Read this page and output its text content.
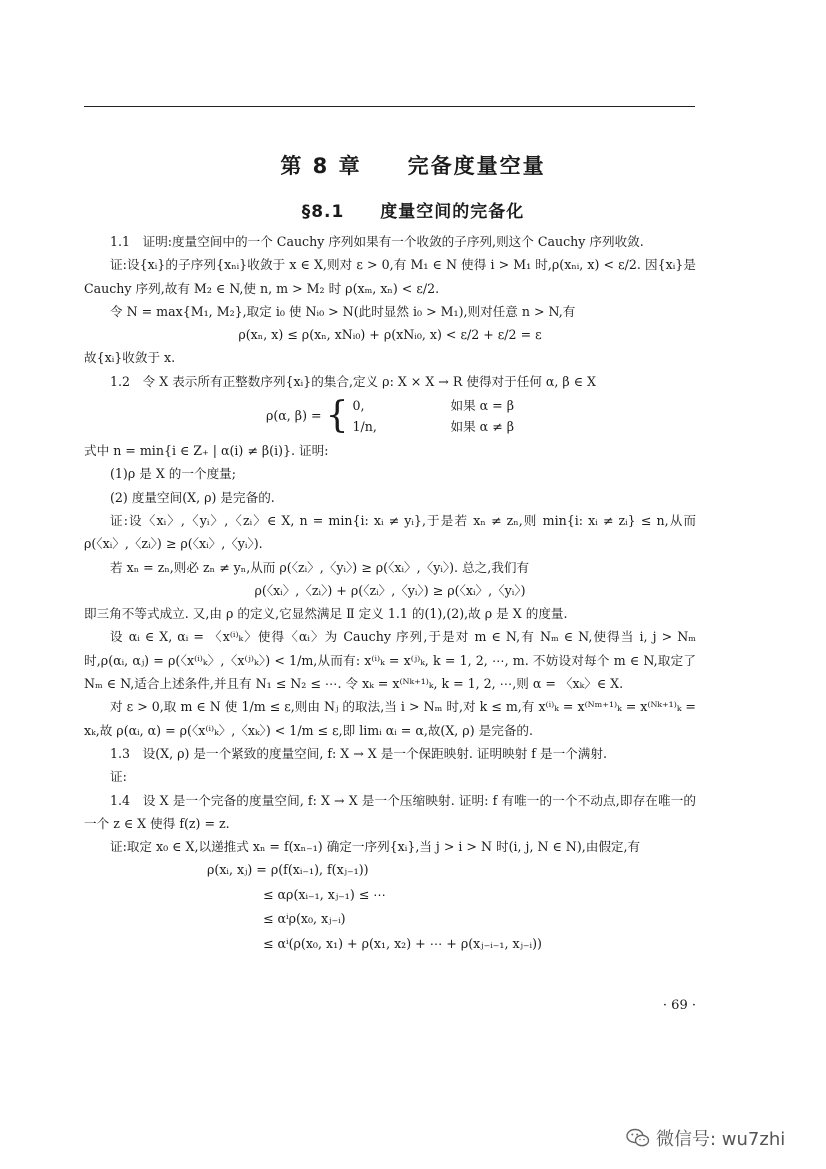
第 8 章　　完备度量空量
§8.1　　度量空间的完备化

1.1　证明:度量空间中的一个 Cauchy 序列如果有一个收敛的子序列,则这个 Cauchy 序列收敛.

证:设{xᵢ}的子序列{xₙᵢ}收敛于 x ∈ X,则对 ε > 0,有 M₁ ∈ N 使得 i > M₁ 时,ρ(xₙᵢ, x) < ε/2. 因{xᵢ}是 Cauchy 序列,故有 M₂ ∈ N,使 n, m > M₂ 时 ρ(xₘ, xₙ) < ε/2.

令 N = max{M₁, M₂},取定 i₀ 使 Nᵢ₀ > N(此时显然 i₀ > M₁),则对任意 n > N,有

ρ(xₙ, x) ≤ ρ(xₙ, xNᵢ₀) + ρ(xNᵢ₀, x) < ε/2 + ε/2 = ε

故{xᵢ}收敛于 x.

1.2　令 X 表示所有正整数序列{xᵢ}的集合,定义 ρ: X × X → R 使得对于任何 α, β ∈ X

ρ(α, β) = { 0,	如果 α = β
1/n,	如果 α ≠ β

式中 n = min{i ∈ Z₊ | α(i) ≠ β(i)}. 证明:

(1)ρ 是 X 的一个度量;

(2) 度量空间(X, ρ) 是完备的.

证:设〈xᵢ〉,〈yᵢ〉,〈zᵢ〉∈ X, n = min{i: xᵢ ≠ yᵢ},于是若 xₙ ≠ zₙ,则 min{i: xᵢ ≠ zᵢ} ≤ n,从而 ρ(〈xᵢ〉,〈zᵢ〉) ≥ ρ(〈xᵢ〉,〈yᵢ〉).

若 xₙ = zₙ,则必 zₙ ≠ yₙ,从而 ρ(〈zᵢ〉,〈yᵢ〉) ≥ ρ(〈xᵢ〉,〈yᵢ〉). 总之,我们有

ρ(〈xᵢ〉,〈zᵢ〉) + ρ(〈zᵢ〉,〈yᵢ〉) ≥ ρ(〈xᵢ〉,〈yᵢ〉)

即三角不等式成立. 又,由 ρ 的定义,它显然满足 Ⅱ 定义 1.1 的(1),(2),故 ρ 是 X 的度量.

设 αᵢ ∈ X, αᵢ = 〈x⁽ⁱ⁾ₖ〉使得〈αᵢ〉为 Cauchy 序列,于是对 m ∈ N,有 Nₘ ∈ N,使得当 i, j > Nₘ 时,ρ(αᵢ, αⱼ) = ρ(〈x⁽ⁱ⁾ₖ〉,〈x⁽ʲ⁾ₖ〉) < 1/m,从而有: x⁽ⁱ⁾ₖ = x⁽ʲ⁾ₖ, k = 1, 2, ⋯, m. 不妨设对每个 m ∈ N,取定了 Nₘ ∈ N,适合上述条件,并且有 N₁ ≤ N₂ ≤ ⋯. 令 xₖ = x⁽ᴺᵏ⁺¹⁾ₖ, k = 1, 2, ⋯,则 α = 〈xₖ〉∈ X.

对 ε > 0,取 m ∈ N 使 1/m ≤ ε,则由 Nⱼ 的取法,当 i > Nₘ 时,对 k ≤ m,有 x⁽ⁱ⁾ₖ = x⁽ᴺᵐ⁺¹⁾ₖ = x⁽ᴺᵏ⁺¹⁾ₖ = xₖ,故 ρ(αᵢ, α) = ρ(〈x⁽ⁱ⁾ₖ〉,〈xₖ〉) < 1/m ≤ ε,即 limᵢ αᵢ = α,故(X, ρ) 是完备的.

1.3　设(X, ρ) 是一个紧致的度量空间, f: X → X 是一个保距映射. 证明映射 f 是一个满射.

证:

1.4　设 X 是一个完备的度量空间, f: X → X 是一个压缩映射. 证明: f 有唯一的一个不动点,即存在唯一的一个 z ∈ X 使得 f(z) = z.

证:取定 x₀ ∈ X,以递推式 xₙ = f(xₙ₋₁) 确定一序列{xᵢ},当 j > i > N 时(i, j, N ∈ N),由假定,有

ρ(xᵢ, xⱼ) = ρ(f(xᵢ₋₁), f(xⱼ₋₁))
≤ αρ(xᵢ₋₁, xⱼ₋₁) ≤ ⋯
≤ αⁱρ(x₀, xⱼ₋ᵢ)
≤ αⁱ(ρ(x₀, x₁) + ρ(x₁, x₂) + ⋯ + ρ(xⱼ₋ᵢ₋₁, xⱼ₋ᵢ))
· 69 ·
微信号: wu7zhi
